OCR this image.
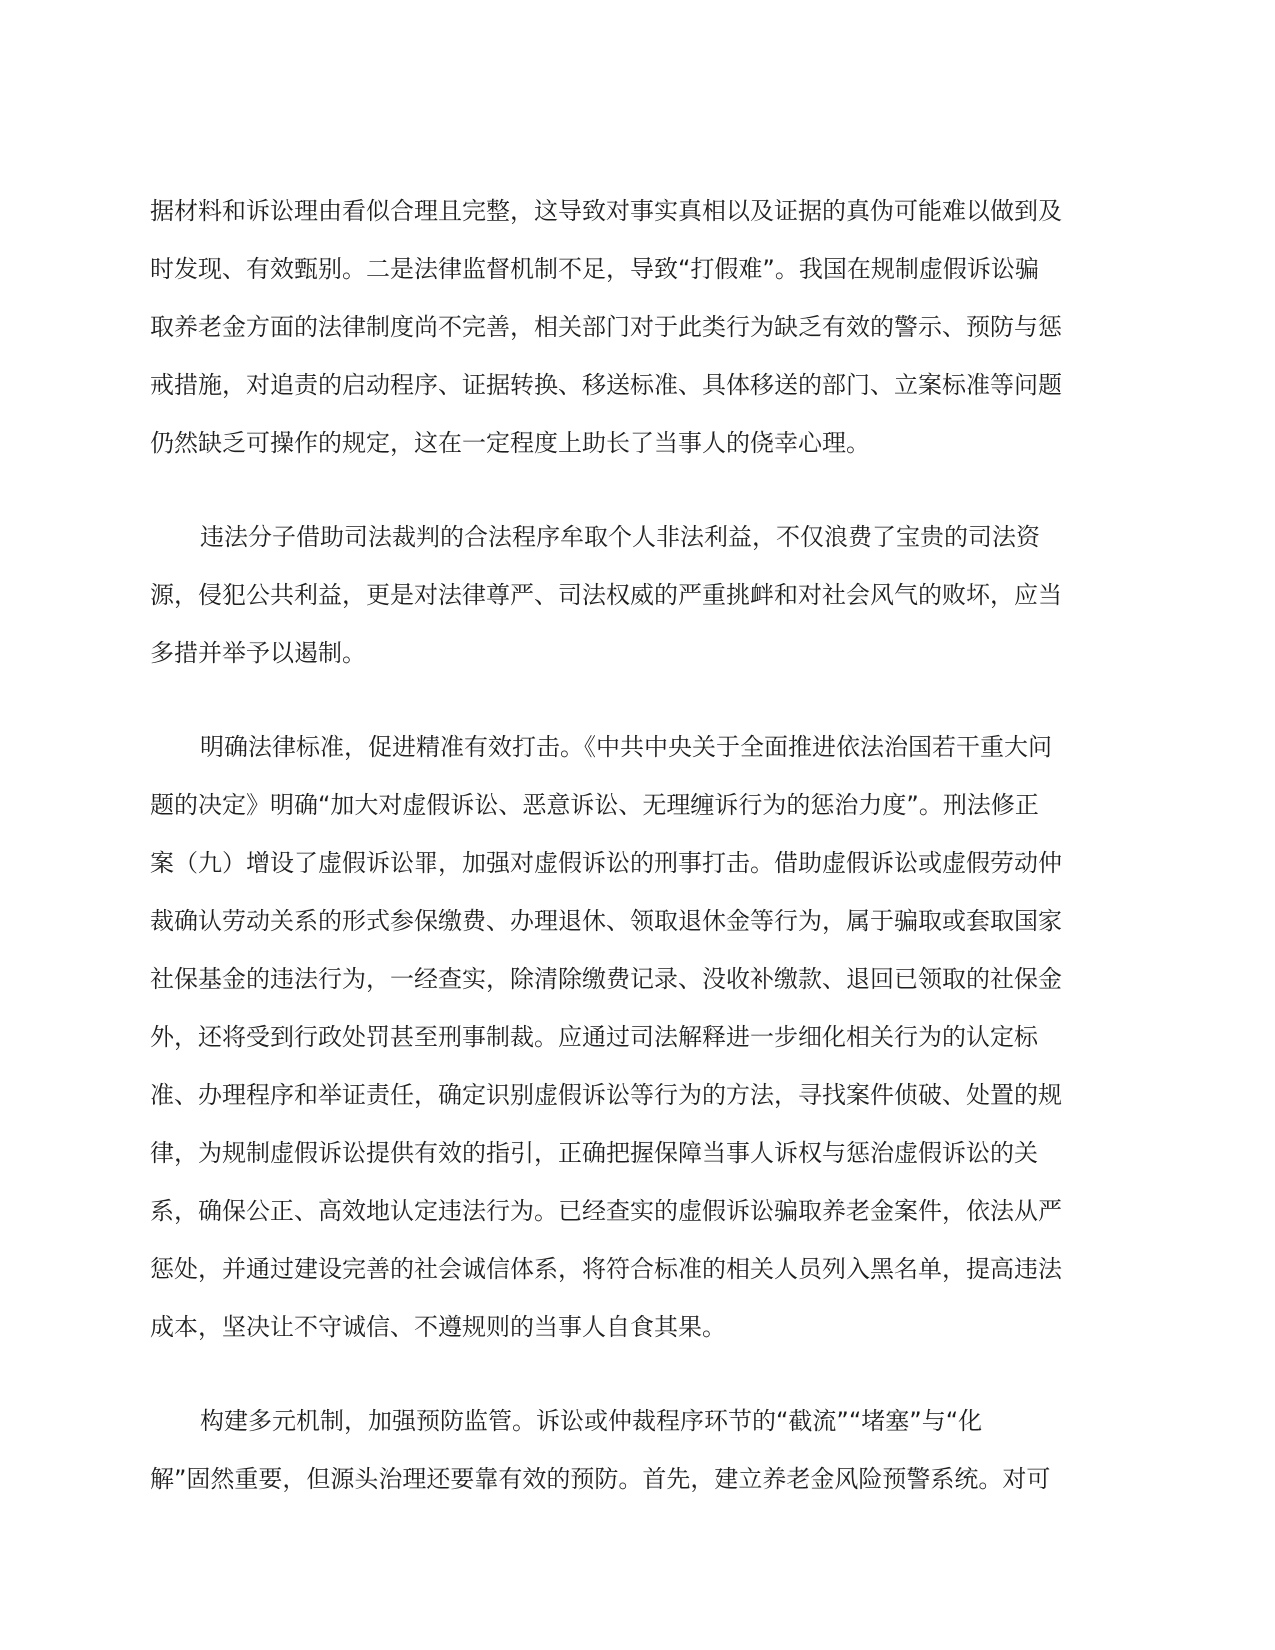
据材料和诉讼理由看似合理且完整，这导致对事实真相以及证据的真伪可能难以做到及
时发现、有效甄别。二是法律监督机制不足，导致“打假难”。我国在规制虚假诉讼骗
取养老金方面的法律制度尚不完善，相关部门对于此类行为缺乏有效的警示、预防与惩
戒措施，对追责的启动程序、证据转换、移送标准、具体移送的部门、立案标准等问题
仍然缺乏可操作的规定，这在一定程度上助长了当事人的侥幸心理。
违法分子借助司法裁判的合法程序牟取个人非法利益，不仅浪费了宝贵的司法资
源，侵犯公共利益，更是对法律尊严、司法权威的严重挑衅和对社会风气的败坏，应当
多措并举予以遏制。
明确法律标准，促进精准有效打击。《中共中央关于全面推进依法治国若干重大问
题的决定》明确“加大对虚假诉讼、恶意诉讼、无理缠诉行为的惩治力度”。刑法修正
案（九）增设了虚假诉讼罪，加强对虚假诉讼的刑事打击。借助虚假诉讼或虚假劳动仲
裁确认劳动关系的形式参保缴费、办理退休、领取退休金等行为，属于骗取或套取国家
社保基金的违法行为，一经查实，除清除缴费记录、没收补缴款、退回已领取的社保金
外，还将受到行政处罚甚至刑事制裁。应通过司法解释进一步细化相关行为的认定标
准、办理程序和举证责任，确定识别虚假诉讼等行为的方法，寻找案件侦破、处置的规
律，为规制虚假诉讼提供有效的指引，正确把握保障当事人诉权与惩治虚假诉讼的关
系，确保公正、高效地认定违法行为。已经查实的虚假诉讼骗取养老金案件，依法从严
惩处，并通过建设完善的社会诚信体系，将符合标准的相关人员列入黑名单，提高违法
成本，坚决让不守诚信、不遵规则的当事人自食其果。
构建多元机制，加强预防监管。诉讼或仲裁程序环节的“截流”“堵塞”与“化
解”固然重要，但源头治理还要靠有效的预防。首先，建立养老金风险预警系统。对可
